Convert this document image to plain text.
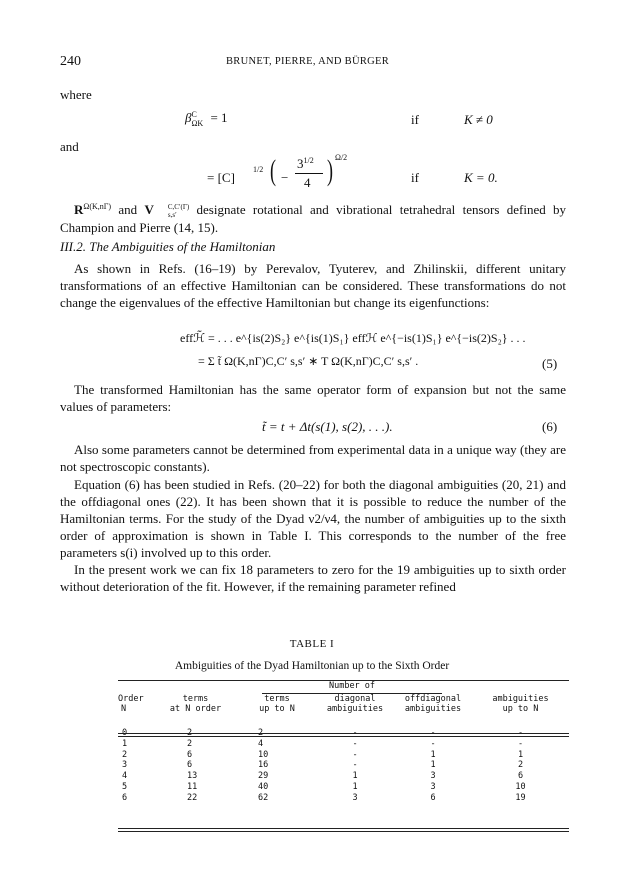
240	BRUNET, PIERRE, AND BÜRGER
where
β C
ΩK = 1	if	K ≠ 0
and
= [C]
1/2 ( −
$3^{1/2}$
4 ) Ω/2
if	K = 0.
$R^{\Omega(K,n\Gamma)}$ and V	C,C′(Γ)
s,s′	designate rotational and vibrational tetrahedral tensors defined by Champion and Pierre (14, 15).
III.2. The Ambiguities of the Hamiltonian
As shown in Refs. (16–19) by Perevalov, Tyuterev, and Zhilinskii, different unitary transformations of an effective Hamiltonian can be considered. These transformations do not change the eigenvalues of the effective Hamiltonian but change its eigenfunctions:
effℋ̃ = . . . e^{is(2)S₂} e^{is(1)S₁} effℋ e^{−is(1)S₁} e^{−is(2)S₂} . . .
= Σ t̃ Ω(K,nΓ)C,C′ s,s′ ∗ T Ω(K,nΓ)C,C′ s,s′ .	(5)
The transformed Hamiltonian has the same operator form of expansion but not the same values of parameters:
t̃ = t + Δt(s(1), s(2), . . .).	(6)
Also some parameters cannot be determined from experimental data in a unique way (they are not spectroscopic constants).
Equation (6) has been studied in Refs. (20–22) for both the diagonal ambiguities (20, 21) and the offdiagonal ones (22). It has been shown that it is possible to reduce the number of the Hamiltonian terms. For the study of the Dyad ν2/ν4, the number of ambiguities up to the sixth order of approximation is shown in Table I. This corresponds to the number of the free parameters s(i) involved up to this order.
In the present work we can fix 18 parameters to zero for the 19 ambiguities up to sixth order without deterioration of the fit. However, if the remaining parameter refined
TABLE I
Ambiguities of the Dyad Hamiltonian up to the Sixth Order
Number of
Order	terms	terms	diagonal	offdiagonal	ambiguities
N	at N order	up to N	ambiguities	ambiguities	up to N

0	2	2	-	-	-
1	2	4	-	-	-
2	6	10	-	1	1
3	6	16	-	1	2
4	13	29	1	3	6
5	11	40	1	3	10
6	22	62	3	6	19
